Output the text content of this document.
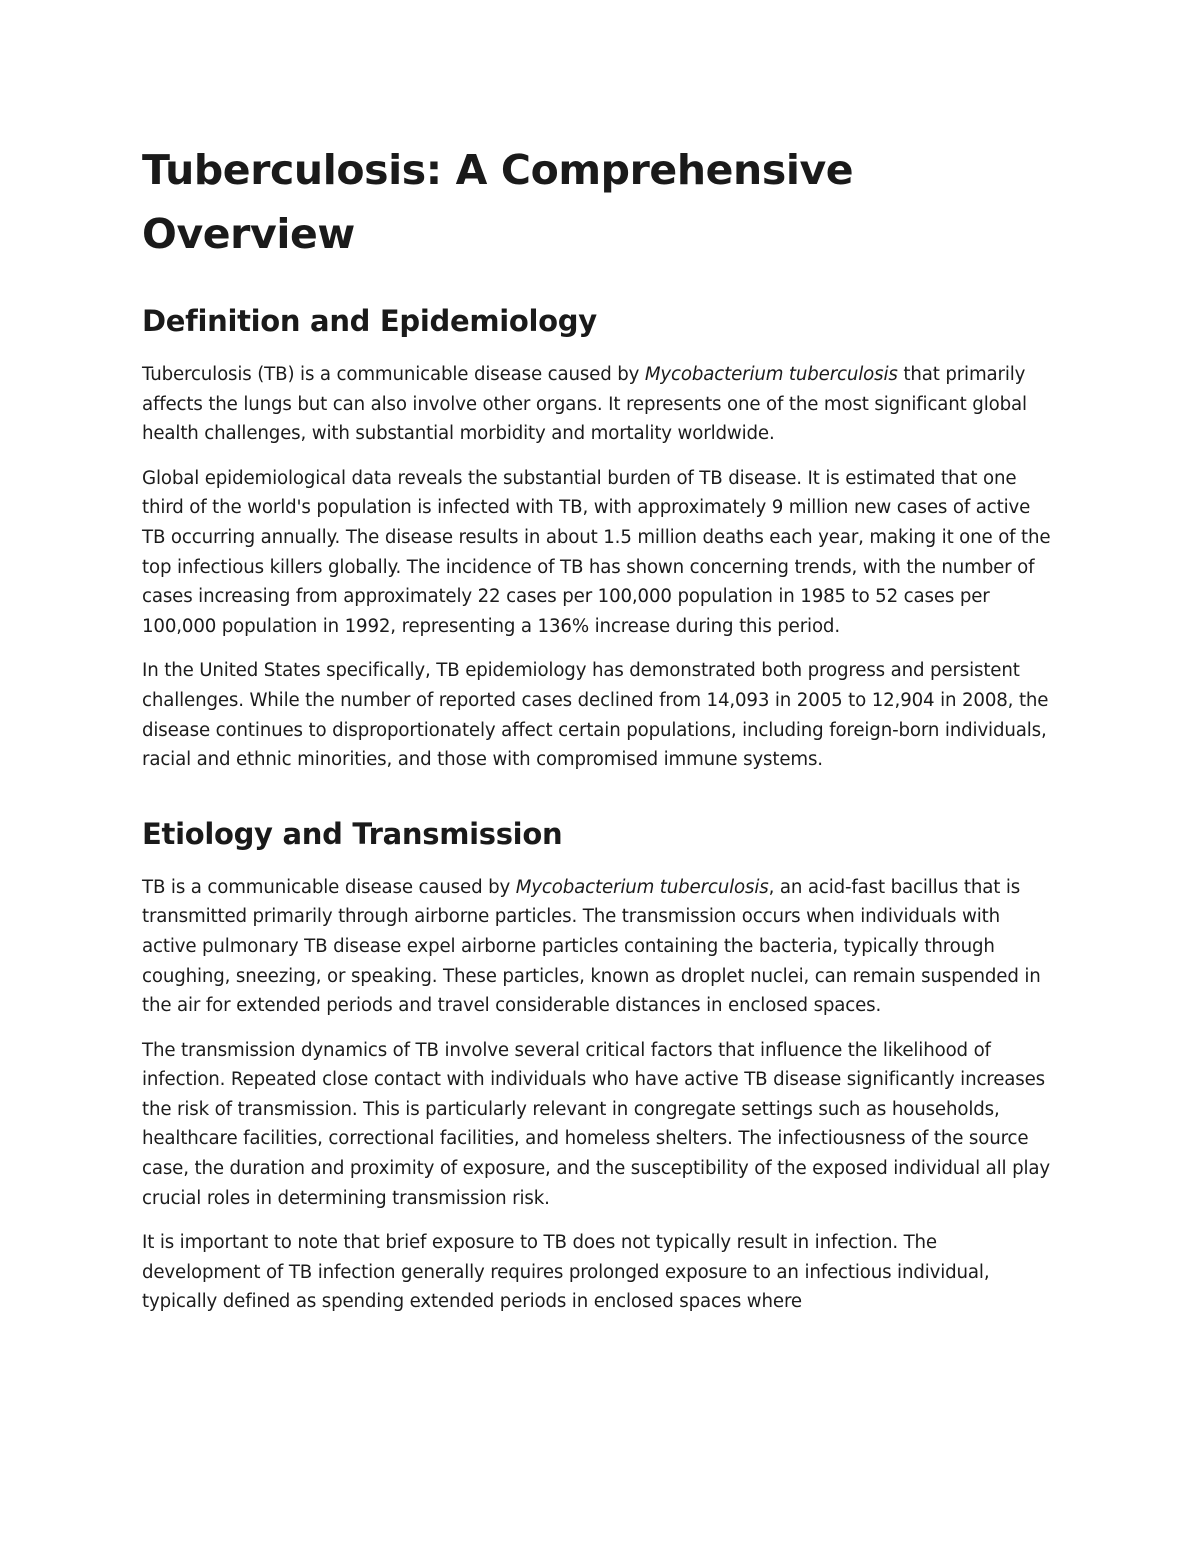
Tuberculosis: A Comprehensive Overview
Definition and Epidemiology

Tuberculosis (TB) is a communicable disease caused by Mycobacterium tuberculosis that primarily affects the lungs but can also involve other organs. It represents one of the most significant global health challenges, with substantial morbidity and mortality worldwide.

Global epidemiological data reveals the substantial burden of TB disease. It is estimated that one third of the world's population is infected with TB, with approximately 9 million new cases of active TB occurring annually. The disease results in about 1.5 million deaths each year, making it one of the top infectious killers globally. The incidence of TB has shown concerning trends, with the number of cases increasing from approximately 22 cases per 100,000 population in 1985 to 52 cases per 100,000 population in 1992, representing a 136% increase during this period.

In the United States specifically, TB epidemiology has demonstrated both progress and persistent challenges. While the number of reported cases declined from 14,093 in 2005 to 12,904 in 2008, the disease continues to disproportionately affect certain populations, including foreign-born individuals, racial and ethnic minorities, and those with compromised immune systems.

Etiology and Transmission

TB is a communicable disease caused by Mycobacterium tuberculosis, an acid-fast bacillus that is transmitted primarily through airborne particles. The transmission occurs when individuals with active pulmonary TB disease expel airborne particles containing the bacteria, typically through coughing, sneezing, or speaking. These particles, known as droplet nuclei, can remain suspended in the air for extended periods and travel considerable distances in enclosed spaces.

The transmission dynamics of TB involve several critical factors that influence the likelihood of infection. Repeated close contact with individuals who have active TB disease significantly increases the risk of transmission. This is particularly relevant in congregate settings such as households, healthcare facilities, correctional facilities, and homeless shelters. The infectiousness of the source case, the duration and proximity of exposure, and the susceptibility of the exposed individual all play crucial roles in determining transmission risk.

It is important to note that brief exposure to TB does not typically result in infection. The development of TB infection generally requires prolonged exposure to an infectious individual, typically defined as spending extended periods in enclosed spaces where
